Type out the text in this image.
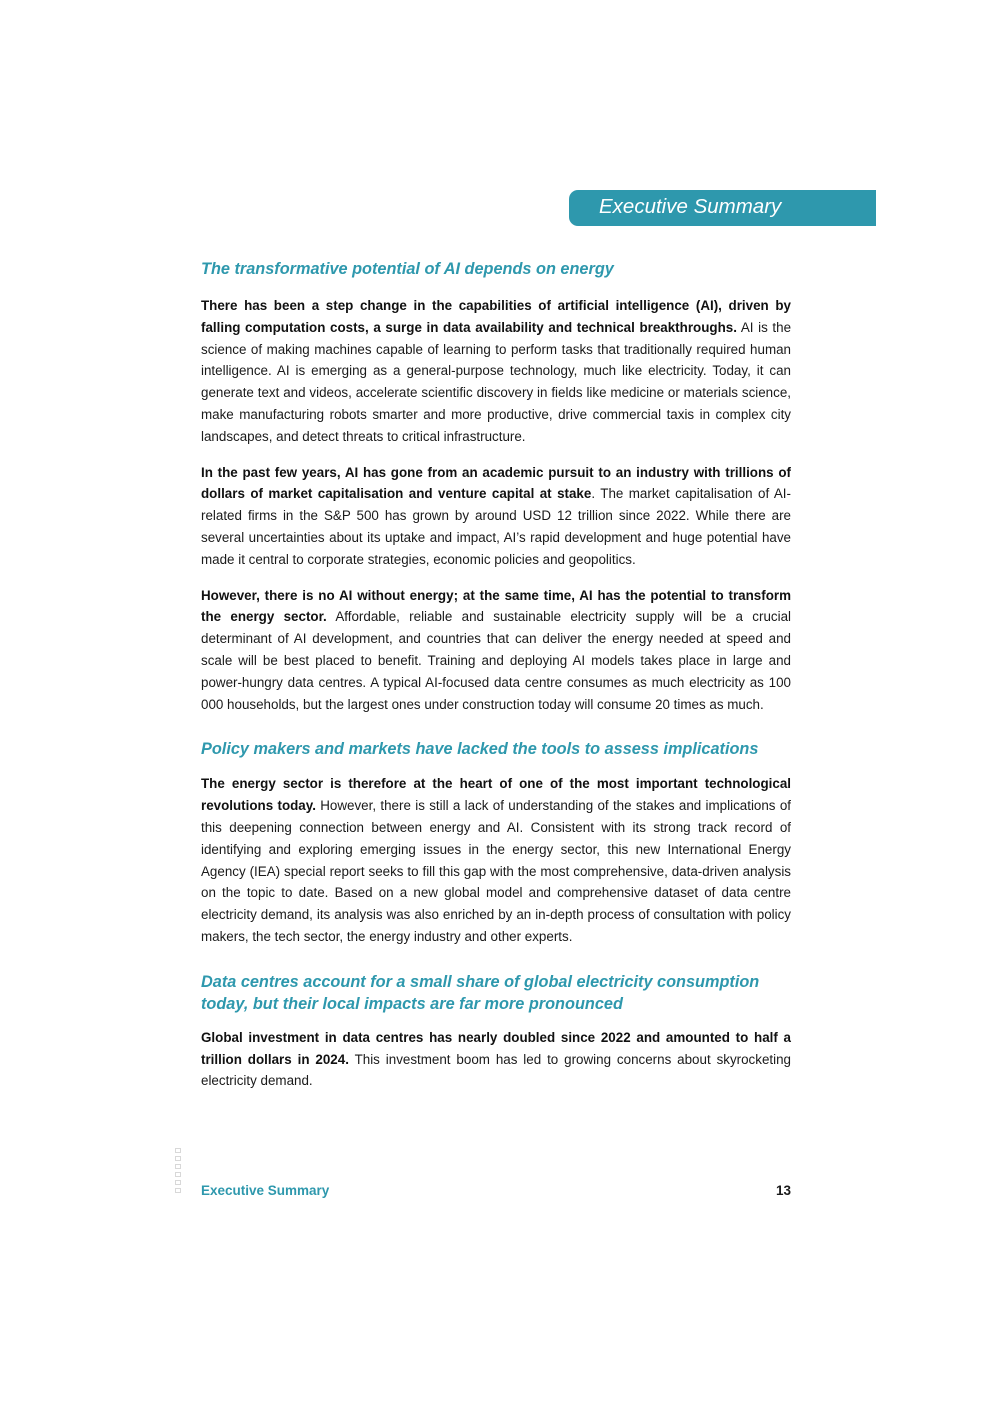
Executive Summary
The transformative potential of AI depends on energy

There has been a step change in the capabilities of artificial intelligence (AI), driven by falling computation costs, a surge in data availability and technical breakthroughs. AI is the science of making machines capable of learning to perform tasks that traditionally required human intelligence. AI is emerging as a general-purpose technology, much like electricity. Today, it can generate text and videos, accelerate scientific discovery in fields like medicine or materials science, make manufacturing robots smarter and more productive, drive commercial taxis in complex city landscapes, and detect threats to critical infrastructure.

In the past few years, AI has gone from an academic pursuit to an industry with trillions of dollars of market capitalisation and venture capital at stake. The market capitalisation of AI-related firms in the S&P 500 has grown by around USD 12 trillion since 2022. While there are several uncertainties about its uptake and impact, AI’s rapid development and huge potential have made it central to corporate strategies, economic policies and geopolitics.

However, there is no AI without energy; at the same time, AI has the potential to transform the energy sector. Affordable, reliable and sustainable electricity supply will be a crucial determinant of AI development, and countries that can deliver the energy needed at speed and scale will be best placed to benefit. Training and deploying AI models takes place in large and power-hungry data centres. A typical AI-focused data centre consumes as much electricity as 100 000 households, but the largest ones under construction today will consume 20 times as much.

Policy makers and markets have lacked the tools to assess implications

The energy sector is therefore at the heart of one of the most important technological revolutions today. However, there is still a lack of understanding of the stakes and implications of this deepening connection between energy and AI. Consistent with its strong track record of identifying and exploring emerging issues in the energy sector, this new International Energy Agency (IEA) special report seeks to fill this gap with the most comprehensive, data-driven analysis on the topic to date. Based on a new global model and comprehensive dataset of data centre electricity demand, its analysis was also enriched by an in-depth process of consultation with policy makers, the tech sector, the energy industry and other experts.

Data centres account for a small share of global electricity consumption
today, but their local impacts are far more pronounced

Global investment in data centres has nearly doubled since 2022 and amounted to half a trillion dollars in 2024. This investment boom has led to growing concerns about skyrocketing electricity demand.

Executive Summary	13
